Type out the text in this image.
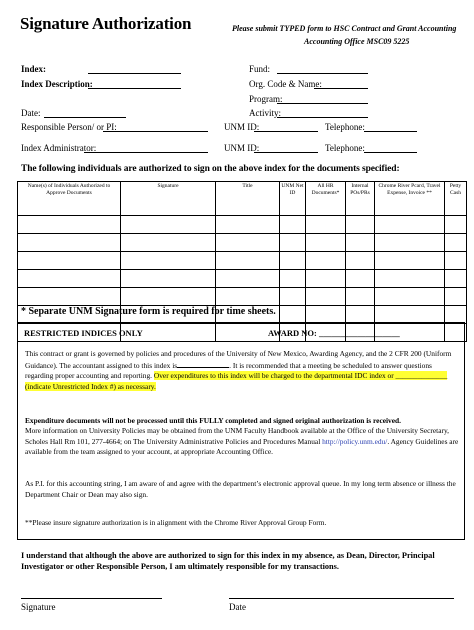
Signature Authorization	Please submit TYPED form to HSC Contract and Grant Accounting
Accounting Office MSC09 5225
Index:
Index Description:
Date:
Responsible Person/ or PI:
Index Administrator:
Fund:
Org. Code & Name:
Program:
Activity:
UNM ID:	Telephone:
UNM ID:	Telephone:
The following individuals are authorized to sign on the above index for the documents specified:
Name(s) of Individuals Authorized to Approve Documents	Signature	Title	UNM Net ID	All HR Documents*	Internal POs/PRs	Chrome River Pcard, Travel Expense, Invoice **	Petty Cash

* Separate UNM Signature form is required for time sheets.
RESTRICTED INDICES ONLY	AWARD NO: ___________________
This contract or grant is governed by policies and procedures of the University of New Mexico, Awarding Agency, and the 2 CFR 200 (Uniform Guidance). The accountant assigned to this index is	. It is recommended that a meeting be scheduled to answer questions regarding proper accounting and reporting. Over expenditures to this index will be charged to the departmental IDC index or ______________ (indicate Unrestricted Index #) as necessary.
Expenditure documents will not be processed until this FULLY completed and signed original authorization is received.
More information on University Policies may be obtained from the UNM Faculty Handbook available at the Office of the University Secretary, Scholes Hall Rm 101, 277-4664; on The University Administrative Policies and Procedures Manual http://policy.unm.edu/. Agency Guidelines are available from the team assigned to your account, at appropriate Accounting Office.
As P.I. for this accounting string, I am aware of and agree with the department’s electronic approval queue. In my long term absence or illness the Department Chair or Dean may also sign.
**Please insure signature authorization is in alignment with the Chrome River Approval Group Form.
I understand that although the above are authorized to sign for this index in my absence, as Dean, Director, Principal Investigator or other Responsible Person, I am ultimately responsible for my transactions.
Signature	Date
